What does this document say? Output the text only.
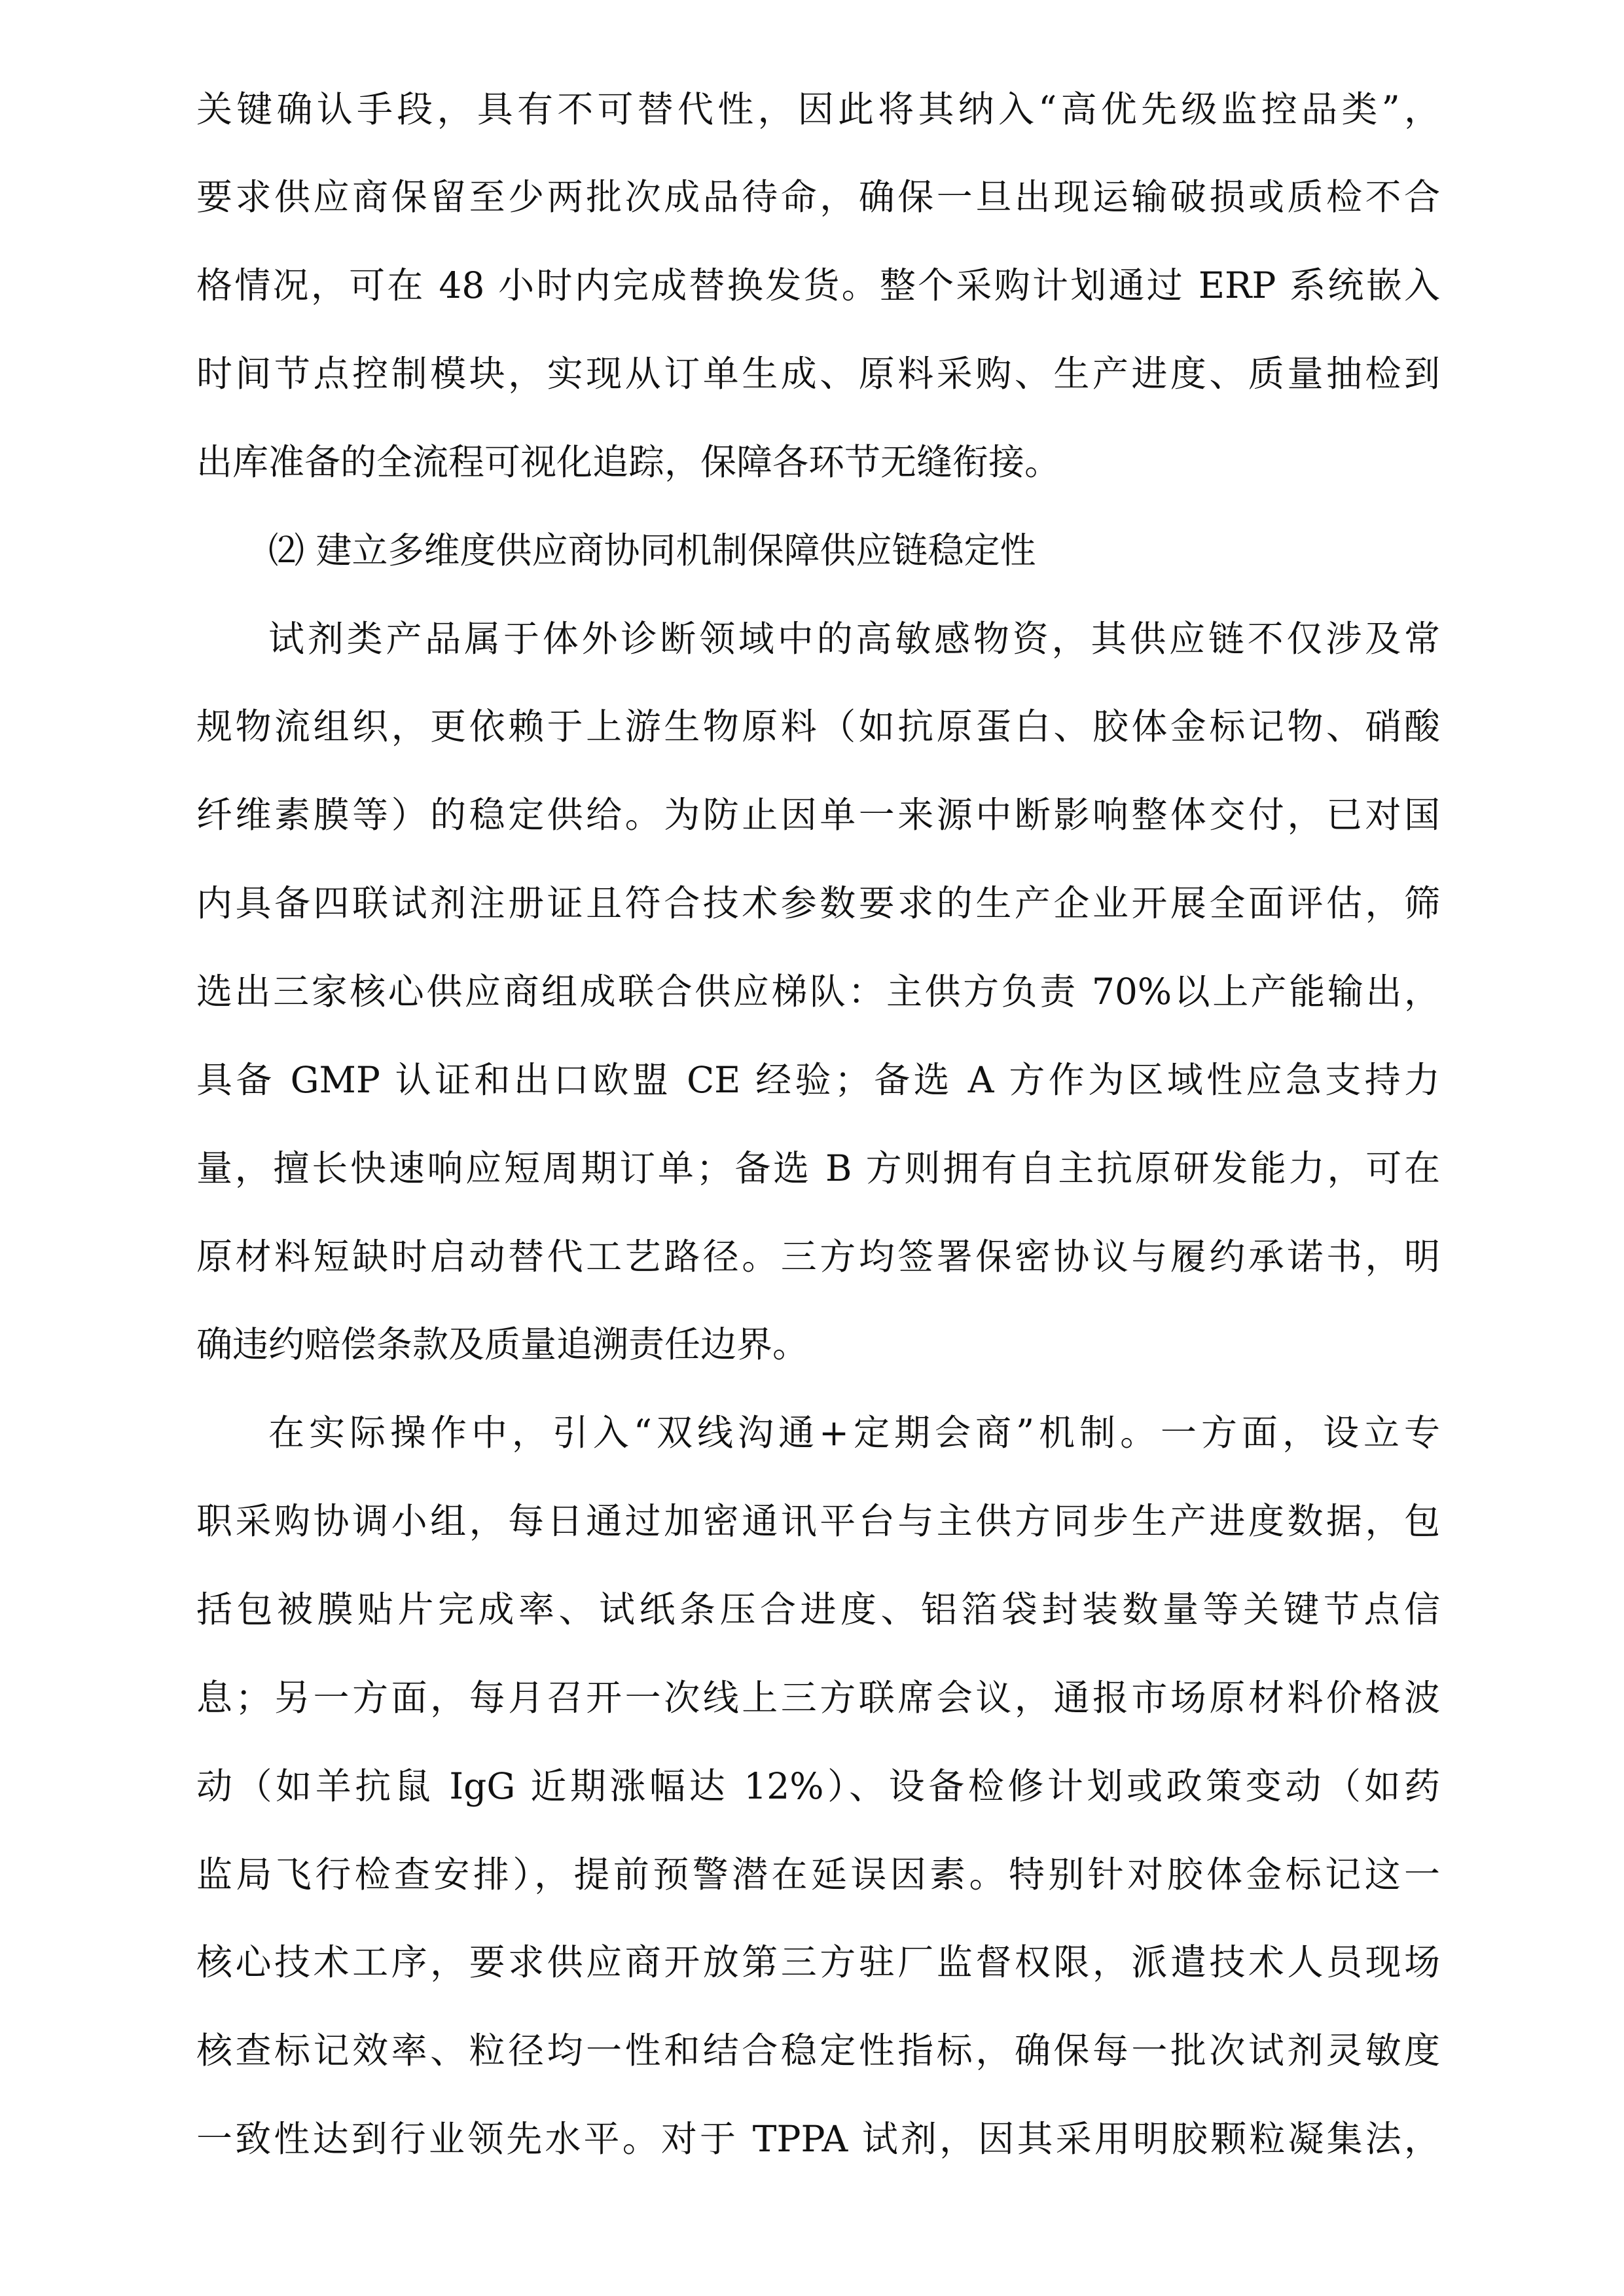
关键确认手段，具有不可替代性，因此将其纳入“高优先级监控品类”，
要求供应商保留至少两批次成品待命，确保一旦出现运输破损或质检不合
格情况，可在 48 小时内完成替换发货。整个采购计划通过 ERP 系统嵌入
时间节点控制模块，实现从订单生成、原料采购、生产进度、质量抽检到
出库准备的全流程可视化追踪，保障各环节无缝衔接。
⑵ 建立多维度供应商协同机制保障供应链稳定性
试剂类产品属于体外诊断领域中的高敏感物资，其供应链不仅涉及常
规物流组织，更依赖于上游生物原料（如抗原蛋白、胶体金标记物、硝酸
纤维素膜等）的稳定供给。为防止因单一来源中断影响整体交付，已对国
内具备四联试剂注册证且符合技术参数要求的生产企业开展全面评估，筛
选出三家核心供应商组成联合供应梯队：主供方负责 70%以上产能输出，
具备 GMP 认证和出口欧盟 CE 经验；备选 A 方作为区域性应急支持力
量，擅长快速响应短周期订单；备选 B 方则拥有自主抗原研发能力，可在
原材料短缺时启动替代工艺路径。三方均签署保密协议与履约承诺书，明
确违约赔偿条款及质量追溯责任边界。
在实际操作中，引入“双线沟通+定期会商”机制。一方面，设立专
职采购协调小组，每日通过加密通讯平台与主供方同步生产进度数据，包
括包被膜贴片完成率、试纸条压合进度、铝箔袋封装数量等关键节点信
息；另一方面，每月召开一次线上三方联席会议，通报市场原材料价格波
动（如羊抗鼠 IgG 近期涨幅达 12%）、设备检修计划或政策变动（如药
监局飞行检查安排），提前预警潜在延误因素。特别针对胶体金标记这一
核心技术工序，要求供应商开放第三方驻厂监督权限，派遣技术人员现场
核查标记效率、粒径均一性和结合稳定性指标，确保每一批次试剂灵敏度
一致性达到行业领先水平。对于 TPPA 试剂，因其采用明胶颗粒凝集法，
